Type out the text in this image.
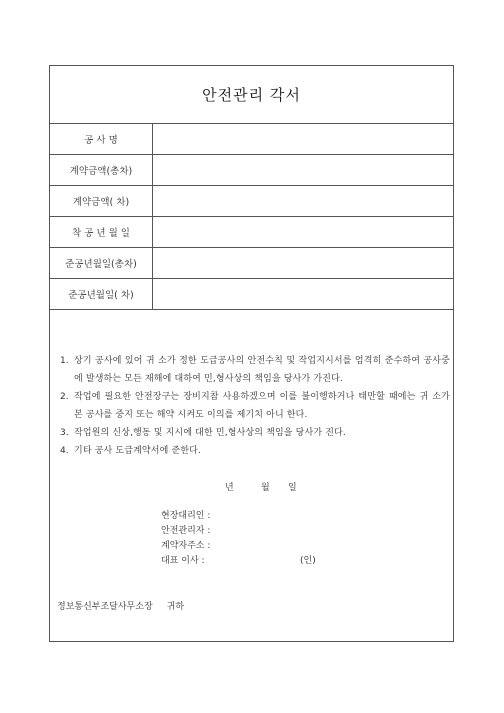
안전관리 각서
공 사 명	
계약금액(총차)	
계약금액( 차)	
착 공 년 월 일	
준공년월일(총차)	
준공년월일( 차)	
1. 상기 공사에 있어 귀 소가 정한 도급공사의 안전수칙 및 작업지시서를 엄격히 준수하여 공사중에 발생하는 모든 재해에 대하여 민,형사상의 책임을 당사가 가진다.
2. 작업에 필요한 안전장구는 장비지참 사용하겠으며 이를 불이행하거나 태만할 때에는 귀 소가 본 공사를 중지 또는 해약 시켜도 이의를 제기치 아니 한다.
3. 작업원의 신상,행동 및 지시에 대한 민,형사상의 책임을 당사가 진다.
4. 기타 공사 도급계약서에 준한다.
년	월 일
현장대리인 :
안전관리자 :
계약자주소 :
대표 이사 :	(인)
정보통신부조달사무소장 귀하
